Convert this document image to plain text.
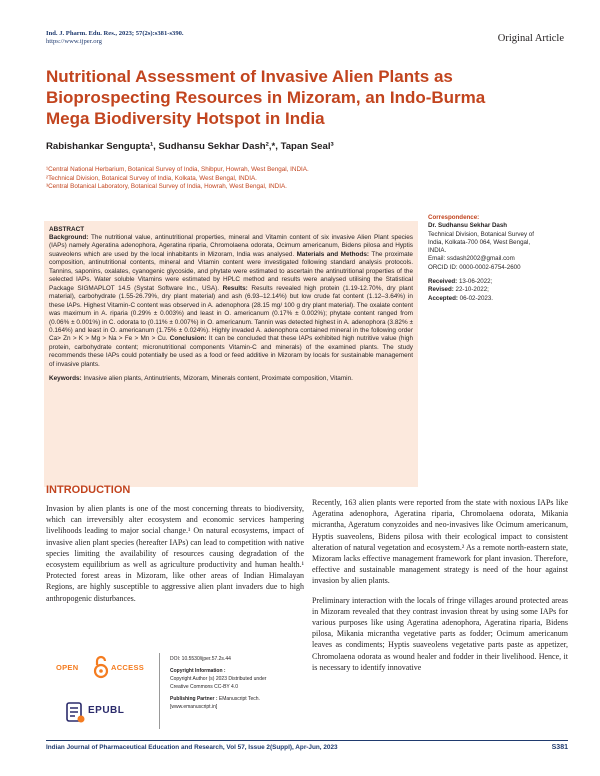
Ind. J. Pharm. Edu. Res., 2023; 57(2s):s381-s390.
https://www.ijper.org	Original Article
Nutritional Assessment of Invasive Alien Plants as Bioprospecting Resources in Mizoram, an Indo-Burma Mega Biodiversity Hotspot in India
Rabishankar Sengupta¹, Sudhansu Sekhar Dash²,*, Tapan Seal³
¹Central National Herbarium, Botanical Survey of India, Shibpur, Howrah, West Bengal, INDIA.
²Technical Division, Botanical Survey of India, Kolkata, West Bengal, INDIA.
³Central Botanical Laboratory, Botanical Survey of India, Howrah, West Bengal, INDIA.
ABSTRACT
Background: The nutritional value, antinutritional properties, mineral and Vitamin content of six invasive Alien Plant species (IAPs) namely Ageratina adenophora, Ageratina riparia, Chromolaena odorata, Ocimum americanum, Bidens pilosa and Hyptis suaveolens which are used by the local inhabitants in Mizoram, India was analysed. Materials and Methods: The proximate composition, antinutritional contents, mineral and Vitamin content were investigated following standard analysis protocols. Tannins, saponins, oxalates, cyanogenic glycoside, and phytate were estimated to ascertain the antinutritional properties of the selected IAPs. Water soluble Vitamins were estimated by HPLC method and results were analysed utilising the Statistical Package SIGMAPLOT 14.5 (Systat Software Inc., USA). Results: Results revealed high protein (1.19-12.70%, dry plant material), carbohydrate (1.55-26.79%, dry plant material) and ash (6.93–12.14%) but low crude fat content (1.12–3.64%) in these IAPs. Highest Vitamin-C content was observed in A. adenophora (28.15 mg/ 100 g dry plant material). The oxalate content was maximum in A. riparia (0.29% ± 0.003%) and least in O. americanum (0.17% ± 0.002%); phytate content ranged from (0.06% ± 0.001%) in C. odorata to (0.11% ± 0.007%) in O. americanum. Tannin was detected highest in A. adenophora (3.82% ± 0.164%) and least in O. americanum (1.75% ± 0.024%). Highly invaded A. adenophora contained mineral in the following order Ca> Zn > K > Mg > Na > Fe > Mn > Cu. Conclusion: It can be concluded that these IAPs exhibited high nutritive value (high protein, carbohydrate content; micronutritional components Vitamin-C and minerals) of the examined plants. The study recommends these IAPs could potentially be used as a food or feed additive in Mizoram by locals for sustainable management of invasive plants.
Keywords: Invasive alien plants, Antinutrients, Mizoram, Minerals content, Proximate composition, Vitamin.
Correspondence:
Dr. Sudhansu Sekhar Dash
Technical Division, Botanical Survey of
India, Kolkata-700 064, West Bengal,
INDIA.
Email: ssdash2002@gmail.com
ORCID ID: 0000-0002-6754-2600
Received: 13-06-2022;
Revised: 22-10-2022;
Accepted: 06-02-2023.
INTRODUCTION

Invasion by alien plants is one of the most concerning threats to biodiversity, which can irreversibly alter ecosystem and economic services hampering livelihoods leading to major social change.¹ On natural ecosystems, impact of invasive alien plant species (hereafter IAPs) can lead to competition with native species limiting the availability of resources causing degradation of the ecosystem equilibrium as well as agriculture productivity and human health.¹ Protected forest areas in Mizoram, like other areas of Indian Himalayan Regions, are highly susceptible to aggressive alien plant invaders due to high anthropogenic disturbances.

Recently, 163 alien plants were reported from the state with noxious IAPs like Ageratina adenophora, Ageratina riparia, Chromolaena odorata, Mikania micrantha, Ageratum conyzoides and neo-invasives like Ocimum americanum, Hyptis suaveolens, Bidens pilosa with their ecological impact to consistent alteration of natural vegetation and ecosystem.² As a remote north-eastern state, Mizoram lacks effective management framework for plant invasion. Therefore, effective and sustainable management strategy is need of the hour against invasion by alien plants.

Preliminary interaction with the locals of fringe villages around protected areas in Mizoram revealed that they contrast invasion threat by using some IAPs for various purposes like using Ageratina adenophora, Ageratina riparia, Bidens pilosa, Mikania micrantha vegetative parts as fodder; Ocimum americanum leaves as condiments; Hyptis suaveolens vegetative parts paste as appetizer, Chromolaena odorata as wound healer and fodder in their livelihood. Hence, it is necessary to identify innovative

OPEN	ACCESS
EPUBL
DOI: 10.5530/ijper.57.2s.44
Copyright Information :
Copyright Author (s) 2023 Distributed under
Creative Commons CC-BY 4.0
Publishing Partner : EManuscript Tech. [www.emanuscript.in]
Indian Journal of Pharmaceutical Education and Research, Vol 57, Issue 2(Suppl), Apr-Jun, 2023	S381
